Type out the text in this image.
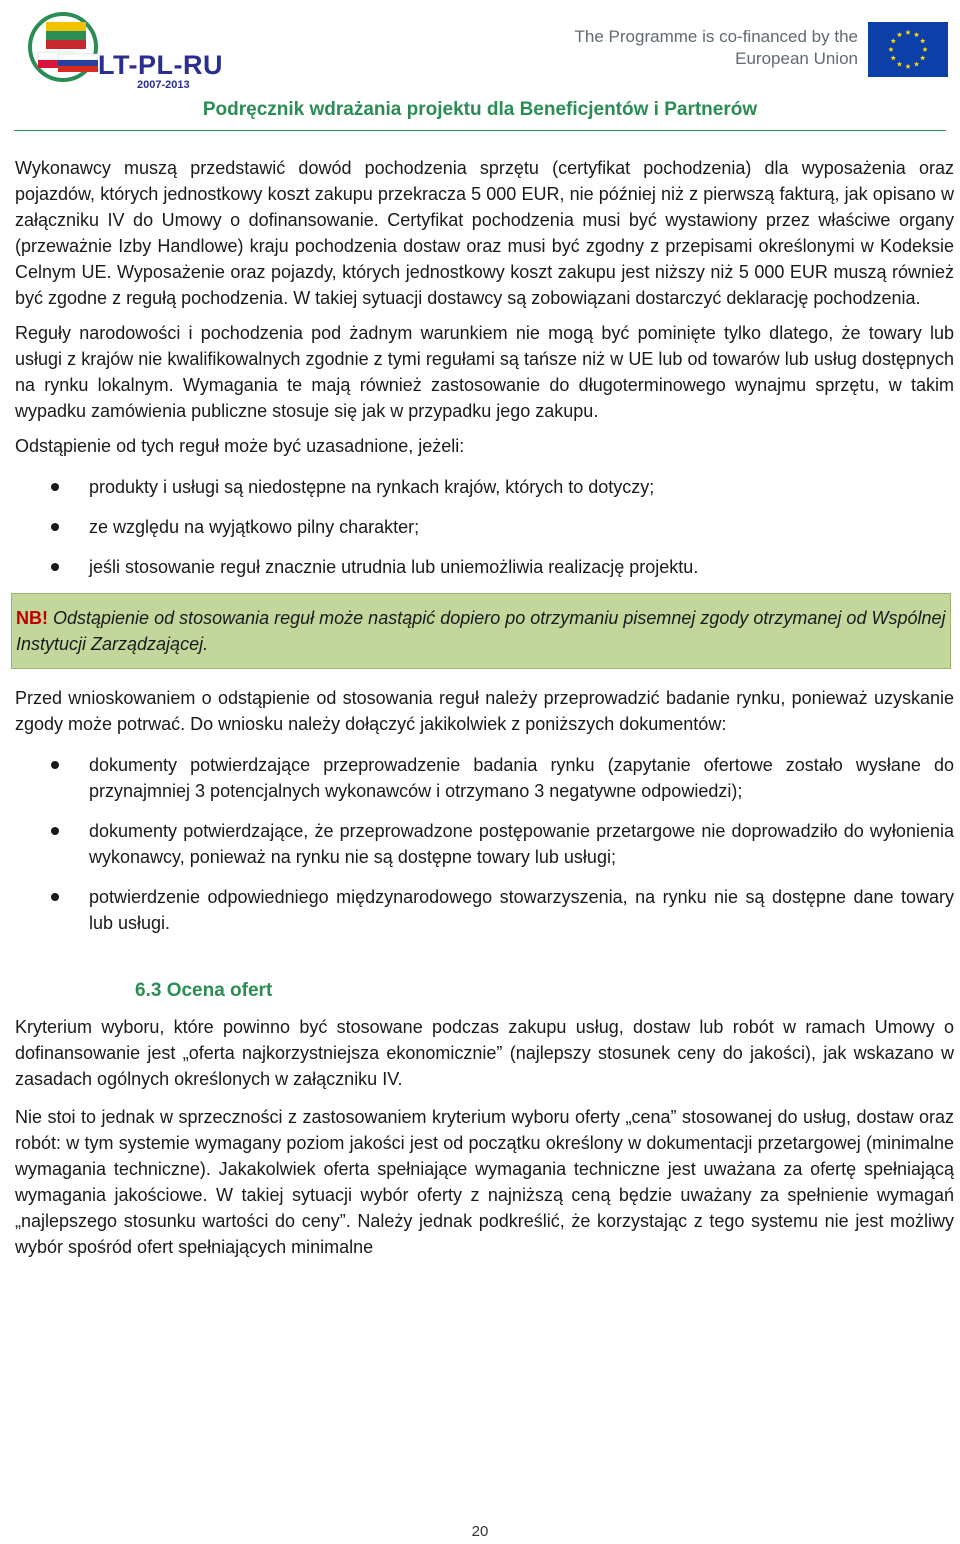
LT-PL-RU
2007-2013
The Programme is co-financed by the
European Union
Podręcznik wdrażania projektu dla Beneficjentów i Partnerów

Wykonawcy muszą przedstawić dowód pochodzenia sprzętu (certyfikat pochodzenia) dla wyposażenia oraz pojazdów, których jednostkowy koszt zakupu przekracza 5 000 EUR, nie później niż z pierwszą fakturą, jak opisano w załączniku IV do Umowy o dofinansowanie. Certyfikat pochodzenia musi być wystawiony przez właściwe organy (przeważnie Izby Handlowe) kraju pochodzenia dostaw oraz musi być zgodny z przepisami określonymi w Kodeksie Celnym UE. Wyposażenie oraz pojazdy, których jednostkowy koszt zakupu jest niższy niż 5 000 EUR muszą również być zgodne z regułą pochodzenia. W takiej sytuacji dostawcy są zobowiązani dostarczyć deklarację pochodzenia.

Reguły narodowości i pochodzenia pod żadnym warunkiem nie mogą być pominięte tylko dlatego, że towary lub usługi z krajów nie kwalifikowalnych zgodnie z tymi regułami są tańsze niż w UE lub od towarów lub usług dostępnych na rynku lokalnym. Wymagania te mają również zastosowanie do długoterminowego wynajmu sprzętu, w takim wypadku zamówienia publiczne stosuje się jak w przypadku jego zakupu.

Odstąpienie od tych reguł może być uzasadnione, jeżeli:

produkty i usługi są niedostępne na rynkach krajów, których to dotyczy;
ze względu na wyjątkowo pilny charakter;
jeśli stosowanie reguł znacznie utrudnia lub uniemożliwia realizację projektu.
NB! Odstąpienie od stosowania reguł może nastąpić dopiero po otrzymaniu pisemnej zgody otrzymanej od Wspólnej Instytucji Zarządzającej.

Przed wnioskowaniem o odstąpienie od stosowania reguł należy przeprowadzić badanie rynku, ponieważ uzyskanie zgody może potrwać. Do wniosku należy dołączyć jakikolwiek z poniższych dokumentów:

dokumenty potwierdzające przeprowadzenie badania rynku (zapytanie ofertowe zostało wysłane do przynajmniej 3 potencjalnych wykonawców i otrzymano 3 negatywne odpowiedzi);
dokumenty potwierdzające, że przeprowadzone postępowanie przetargowe nie doprowadziło do wyłonienia wykonawcy, ponieważ na rynku nie są dostępne towary lub usługi;
potwierdzenie odpowiedniego międzynarodowego stowarzyszenia, na rynku nie są dostępne dane towary lub usługi.
6.3 Ocena ofert

Kryterium wyboru, które powinno być stosowane podczas zakupu usług, dostaw lub robót w ramach Umowy o dofinansowanie jest „oferta najkorzystniejsza ekonomicznie” (najlepszy stosunek ceny do jakości), jak wskazano w zasadach ogólnych określonych w załączniku IV.

Nie stoi to jednak w sprzeczności z zastosowaniem kryterium wyboru oferty „cena” stosowanej do usług, dostaw oraz robót: w tym systemie wymagany poziom jakości jest od początku określony w dokumentacji przetargowej (minimalne wymagania techniczne). Jakakolwiek oferta spełniające wymagania techniczne jest uważana za ofertę spełniającą wymagania jakościowe. W takiej sytuacji wybór oferty z najniższą ceną będzie uważany za spełnienie wymagań „najlepszego stosunku wartości do ceny”. Należy jednak podkreślić, że korzystając z tego systemu nie jest możliwy wybór spośród ofert spełniających minimalne

20
